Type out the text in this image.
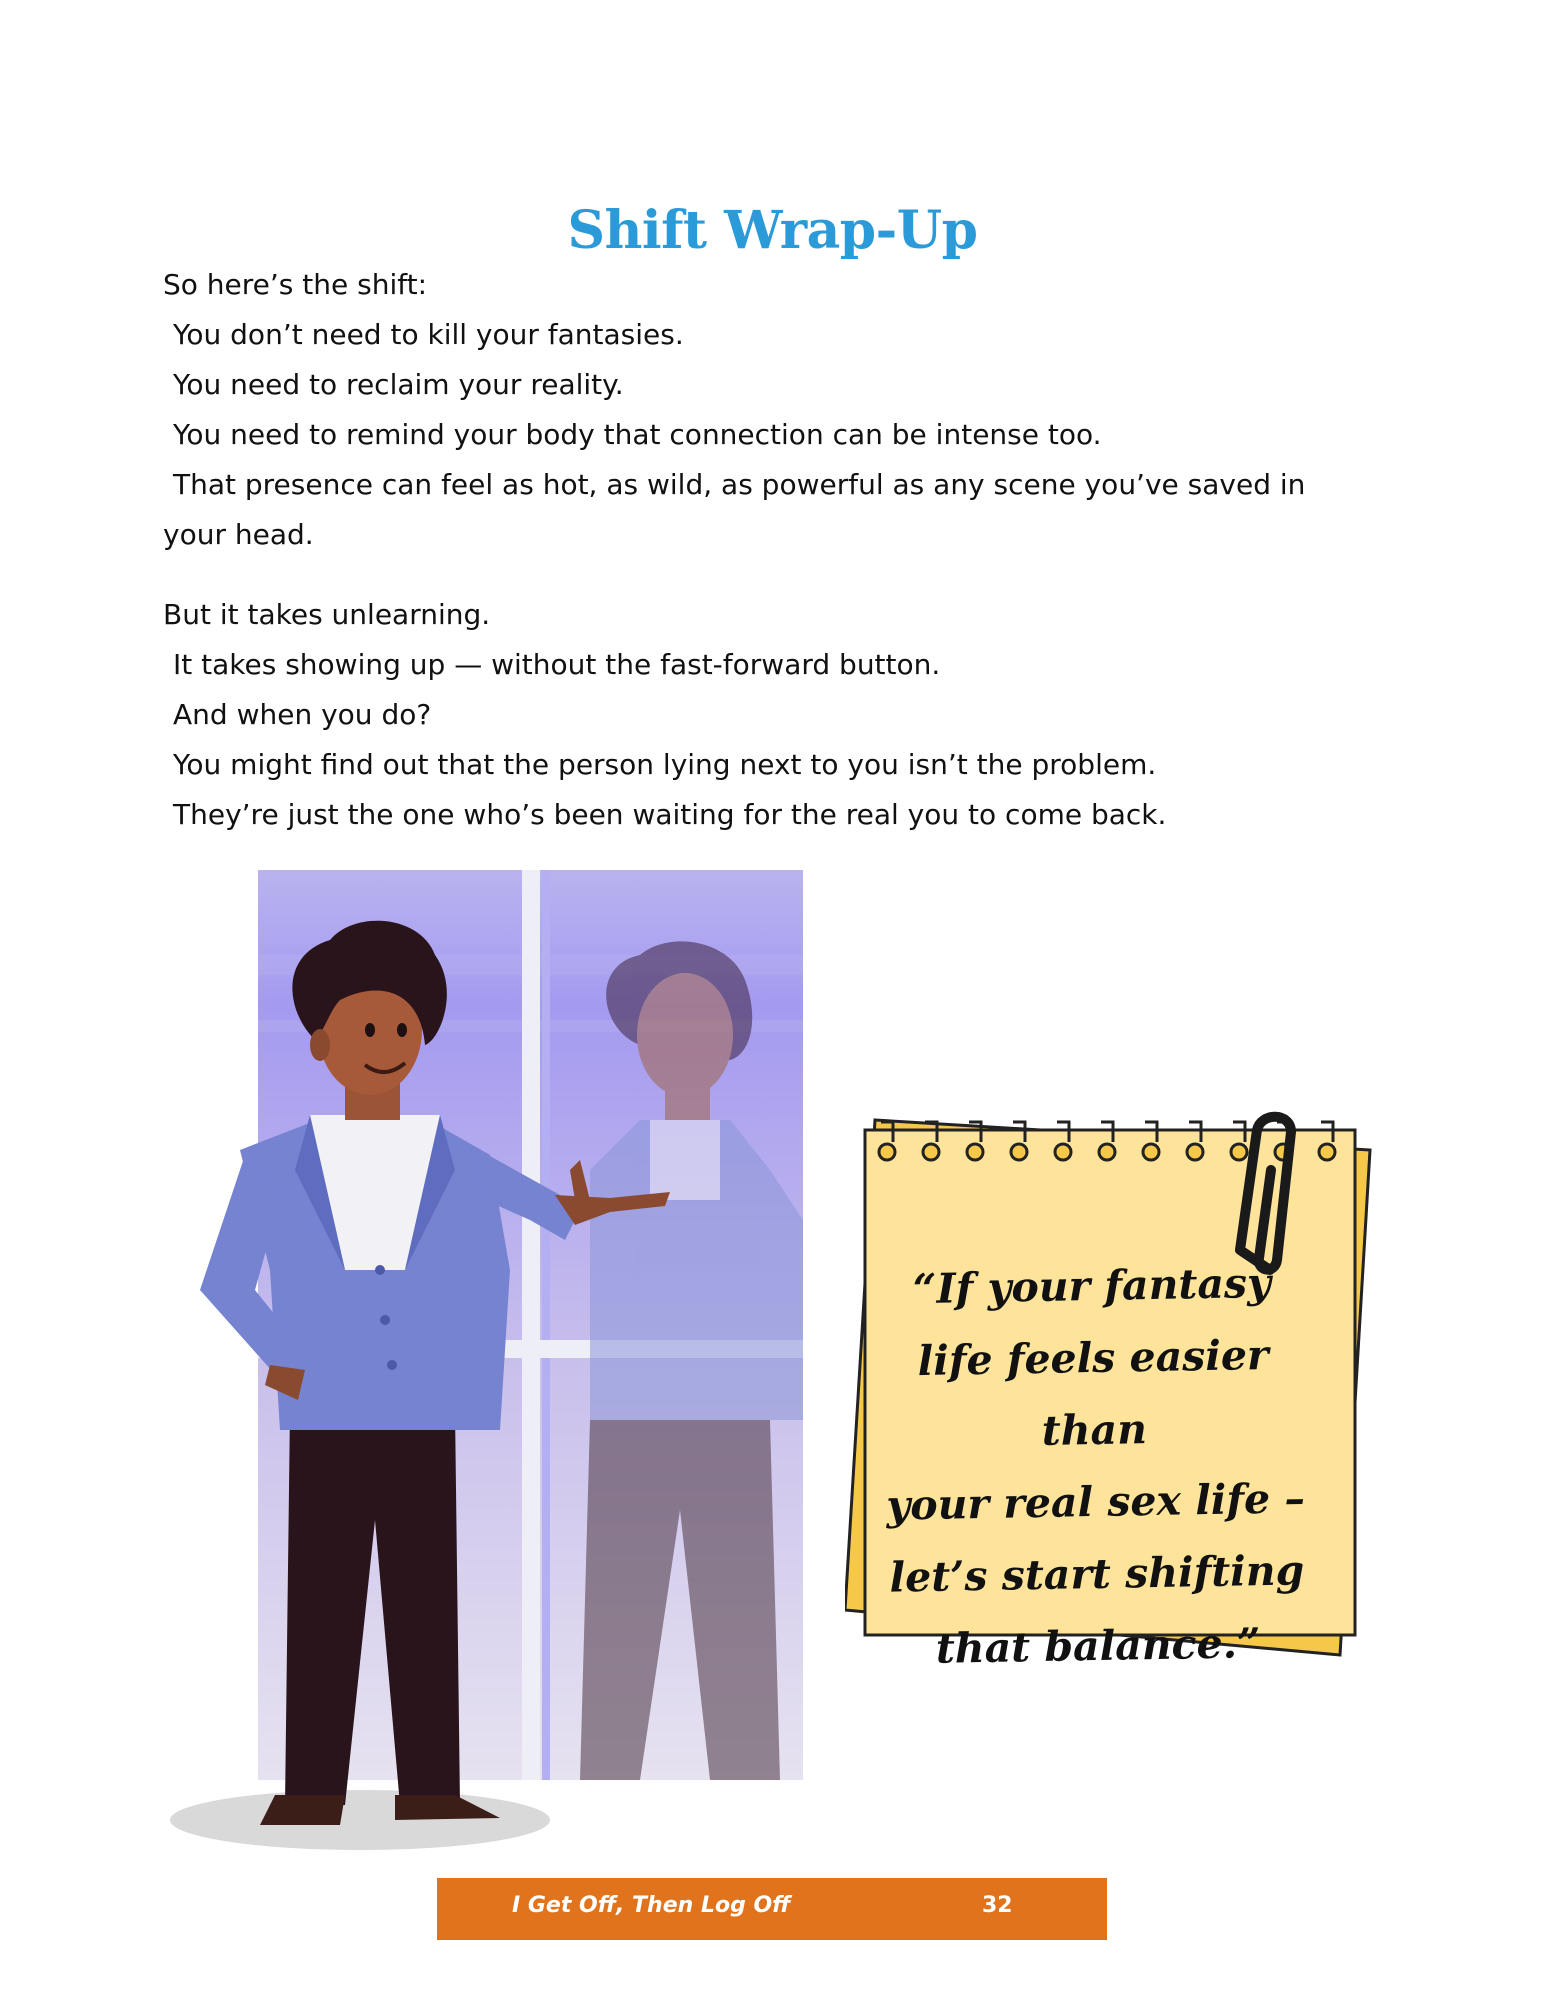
Shift Wrap-Up
So here’s the shift:
You don’t need to kill your fantasies.
You need to reclaim your reality.
You need to remind your body that connection can be intense too.
That presence can feel as hot, as wild, as powerful as any scene you’ve saved in
your head.
But it takes unlearning.
It takes showing up — without the fast-forward button.
And when you do?
You might find out that the person lying next to you isn’t the problem.
They’re just the one who’s been waiting for the real you to come back.
“If your fantasy
life feels easier than
your real sex life –
let’s start shifting
that balance.”
I Get Off, Then Log Off	32
